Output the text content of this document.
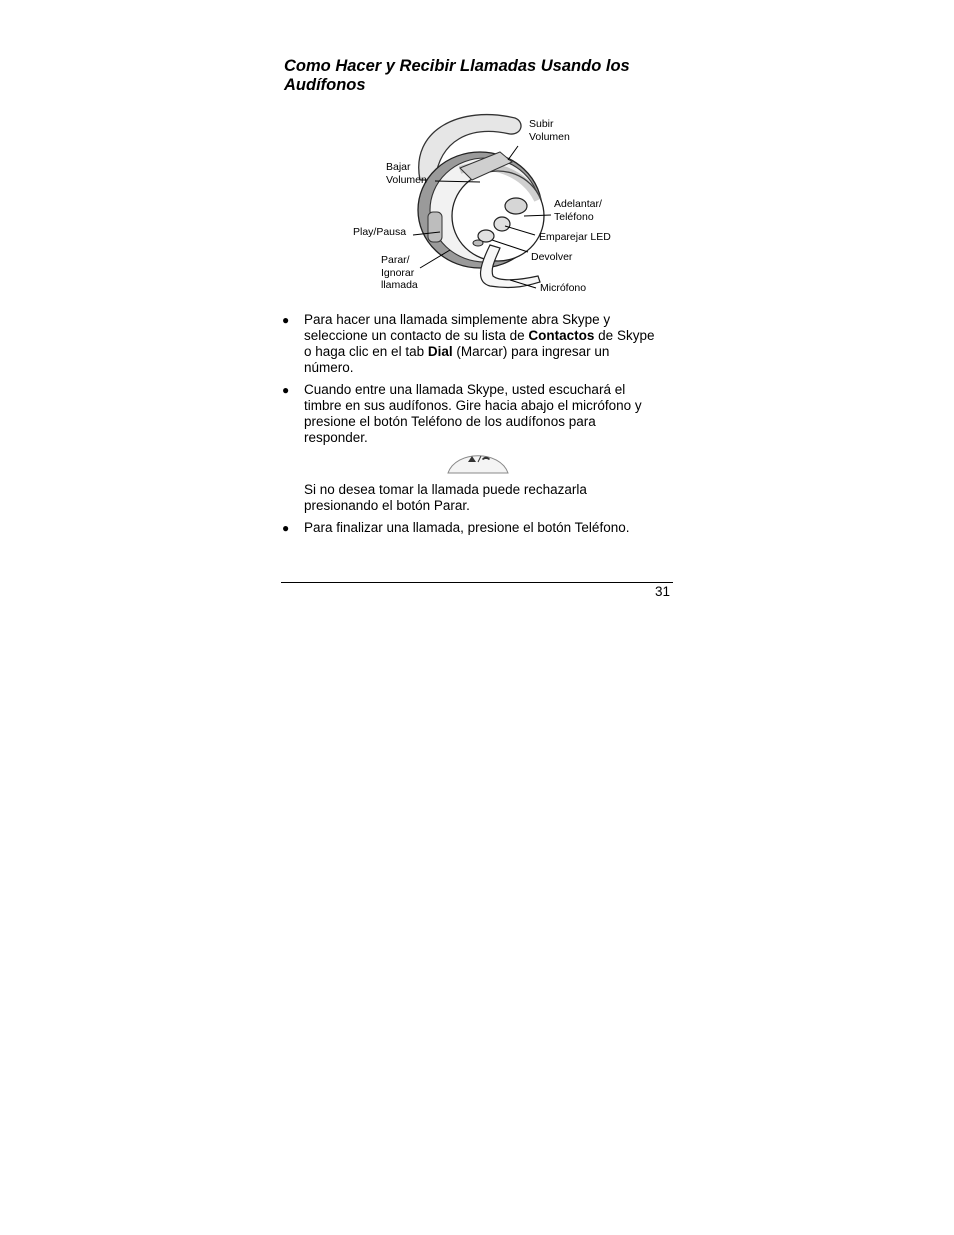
Como Hacer y Recibir Llamadas Usando los
Audífonos
Subir
Volumen
Bajar
Volumen
Adelantar/
Teléfono
Play/Pausa	Emparejar LED
Parar/
Ignorar
llamada
Devolver
Micrófono
● Para hacer una llamada simplemente abra Skype y
seleccione un contacto de su lista de Contactos de Skype
o haga clic en el tab Dial (Marcar) para ingresar un
número.
● Cuando entre una llamada Skype, usted escuchará el
timbre en sus audífonos. Gire hacia abajo el micrófono y
presione el botón Teléfono de los audífonos para
responder.
Si no desea tomar la llamada puede rechazarla
presionando el botón Parar.
● Para finalizar una llamada, presione el botón Teléfono.
31
